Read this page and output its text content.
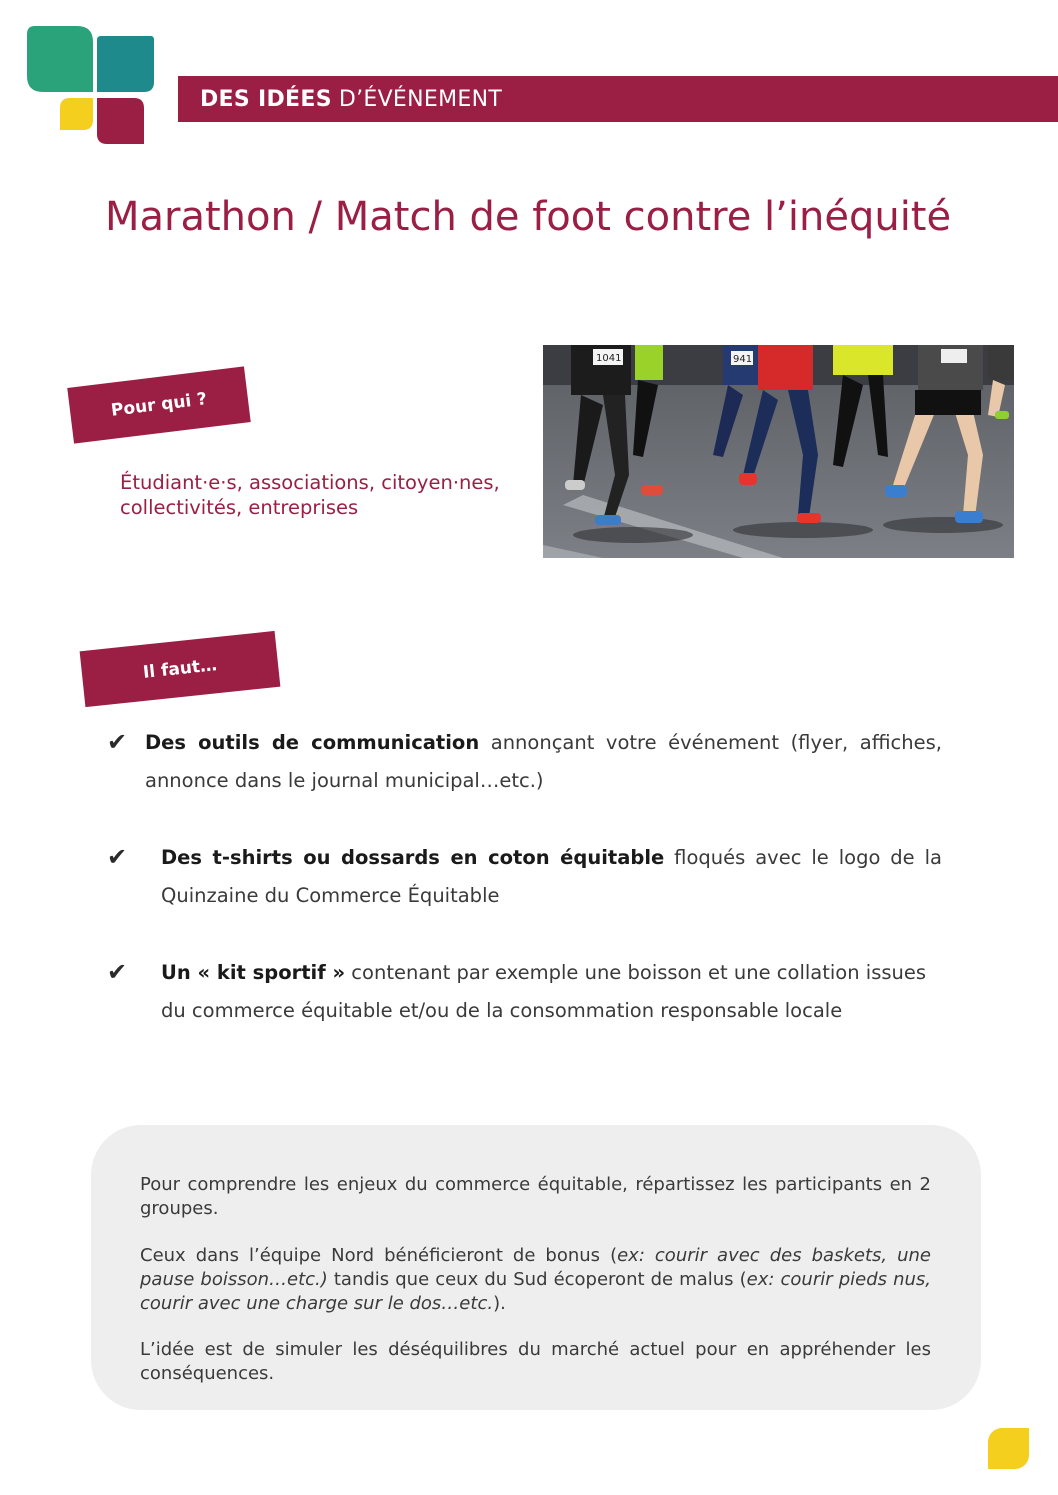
DES IDÉES D’ÉVÉNEMENT
Marathon / Match de foot contre l’inéquité
Pour qui ?
Étudiant·e·s, associations, citoyen·nes,
collectivités, entreprises
1041	941
Il faut…
✔ Des outils de communication annonçant votre événement (flyer, affiches, annonce dans le journal municipal…etc.)
✔ Des t-shirts ou dossards en coton équitable floqués avec le logo de la Quinzaine du Commerce Équitable
✔ Un « kit sportif » contenant par exemple une boisson et une collation issues du commerce équitable et/ou de la consommation responsable locale
Pour comprendre les enjeux du commerce équitable, répartissez les participants en 2 groupes.
Ceux dans l’équipe Nord bénéficieront de bonus (ex: courir avec des baskets, une pause boisson…etc.) tandis que ceux du Sud écoperont de malus (ex: courir pieds nus, courir avec une charge sur le dos…etc.).
L’idée est de simuler les déséquilibres du marché actuel pour en appréhender les conséquences.
